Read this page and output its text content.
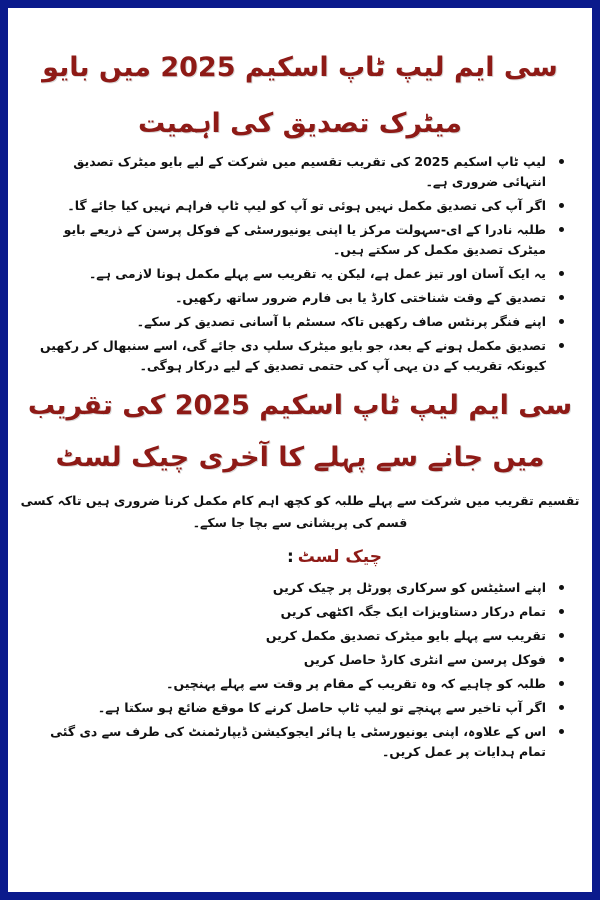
سی ایم لیپ ٹاپ اسکیم 2025 میں بایو میٹرک تصدیق کی اہمیت
لیپ ٹاپ اسکیم 2025 کی تقریب تقسیم میں شرکت کے لیے بایو میٹرک تصدیق انتہائی ضروری ہے۔
اگر آپ کی تصدیق مکمل نہیں ہوئی تو آپ کو لیپ ٹاپ فراہم نہیں کیا جائے گا۔
طلبہ نادرا کے ای-سہولت مرکز یا اپنی یونیورسٹی کے فوکل پرسن کے ذریعے بایو میٹرک تصدیق مکمل کر سکتے ہیں۔
یہ ایک آسان اور تیز عمل ہے، لیکن یہ تقریب سے پہلے مکمل ہونا لازمی ہے۔
تصدیق کے وقت شناختی کارڈ یا بی فارم ضرور ساتھ رکھیں۔
اپنے فنگر پرنٹس صاف رکھیں تاکہ سسٹم با آسانی تصدیق کر سکے۔
تصدیق مکمل ہونے کے بعد، جو بایو میٹرک سلپ دی جائے گی، اسے سنبھال کر رکھیں کیونکہ تقریب کے دن یہی آپ کی حتمی تصدیق کے لیے درکار ہوگی۔
سی ایم لیپ ٹاپ اسکیم 2025 کی تقریب میں جانے سے پہلے کا آخری چیک لسٹ

تقسیم تقریب میں شرکت سے پہلے طلبہ کو کچھ اہم کام مکمل کرنا ضروری ہیں تاکہ کسی قسم کی پریشانی سے بچا جا سکے۔

چیک لسٹ:
اپنے اسٹیٹس کو سرکاری پورٹل پر چیک کریں
تمام درکار دستاویزات ایک جگہ اکٹھی کریں
تقریب سے پہلے بایو میٹرک تصدیق مکمل کریں
فوکل پرسن سے انٹری کارڈ حاصل کریں
طلبہ کو چاہیے کہ وہ تقریب کے مقام پر وقت سے پہلے پہنچیں۔
اگر آپ تاخیر سے پہنچے تو لیپ ٹاپ حاصل کرنے کا موقع ضائع ہو سکتا ہے۔
اس کے علاوہ، اپنی یونیورسٹی یا ہائر ایجوکیشن ڈیپارٹمنٹ کی طرف سے دی گئی تمام ہدایات پر عمل کریں۔
